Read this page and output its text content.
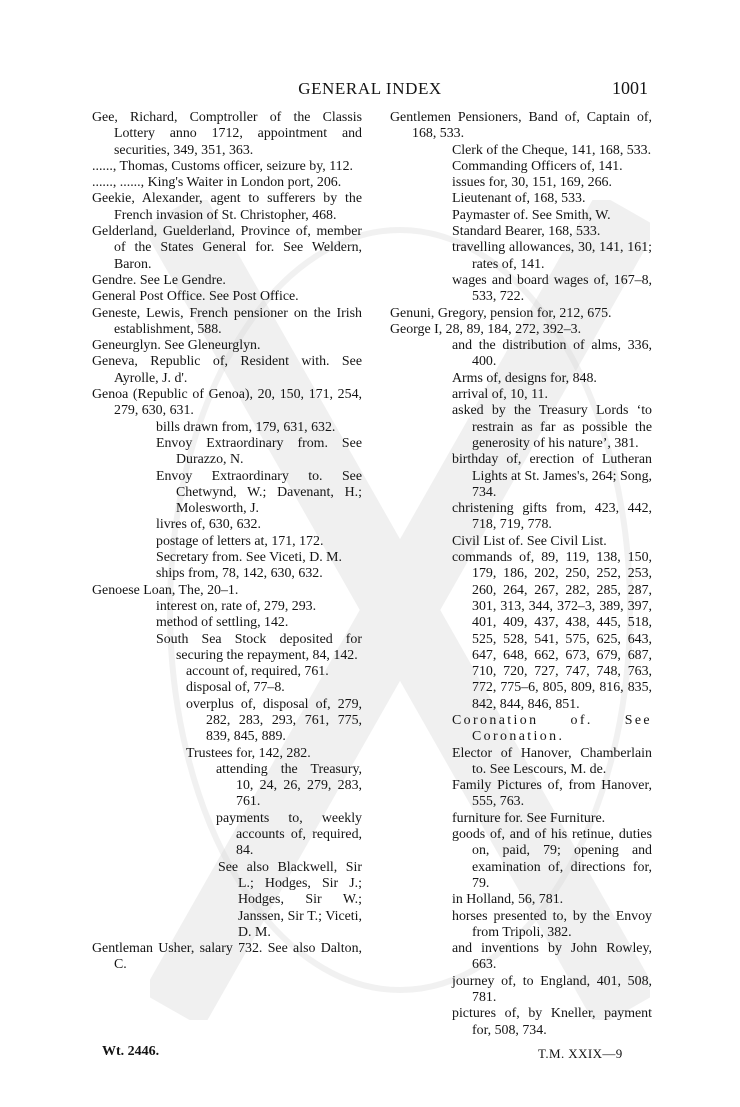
GENERAL INDEX	1001
Gee, Richard, Comptroller of the Classis Lottery anno 1712, appointment and securities, 349, 351, 363.
......, Thomas, Customs officer, seizure by, 112.
......, ......, King's Waiter in London port, 206.
Geekie, Alexander, agent to sufferers by the French invasion of St. Christopher, 468.
Gelderland, Guelderland, Province of, member of the States General for. See Weldern, Baron.
Gendre. See Le Gendre.
General Post Office. See Post Office.
Geneste, Lewis, French pensioner on the Irish establishment, 588.
Geneurglyn. See Gleneurglyn.
Geneva, Republic of, Resident with. See Ayrolle, J. d'.
Genoa (Republic of Genoa), 20, 150, 171, 254, 279, 630, 631.
bills drawn from, 179, 631, 632.
Envoy Extraordinary from. See Durazzo, N.
Envoy Extraordinary to. See Chetwynd, W.; Davenant, H.; Molesworth, J.
livres of, 630, 632.
postage of letters at, 171, 172.
Secretary from. See Viceti, D. M.
ships from, 78, 142, 630, 632.
Genoese Loan, The, 20–1.
interest on, rate of, 279, 293.
method of settling, 142.
South Sea Stock deposited for securing the repayment, 84, 142.
account of, required, 761.
disposal of, 77–8.
overplus of, disposal of, 279, 282, 283, 293, 761, 775, 839, 845, 889.
Trustees for, 142, 282.
attending the Treasury, 10, 24, 26, 279, 283, 761.
payments to, weekly accounts of, required, 84.
See also Blackwell, Sir L.; Hodges, Sir J.; Hodges, Sir W.; Janssen, Sir T.; Viceti, D. M.
Gentleman Usher, salary 732. See also Dalton, C.
Gentlemen Pensioners, Band of, Captain of, 168, 533.
Clerk of the Cheque, 141, 168, 533.
Commanding Officers of, 141.
issues for, 30, 151, 169, 266.
Lieutenant of, 168, 533.
Paymaster of. See Smith, W.
Standard Bearer, 168, 533.
travelling allowances, 30, 141, 161; rates of, 141.
wages and board wages of, 167–8, 533, 722.
Genuni, Gregory, pension for, 212, 675.
George I, 28, 89, 184, 272, 392–3.
and the distribution of alms, 336, 400.
Arms of, designs for, 848.
arrival of, 10, 11.
asked by the Treasury Lords ‘to restrain as far as possible the generosity of his nature’, 381.
birthday of, erection of Lutheran Lights at St. James's, 264; Song, 734.
christening gifts from, 423, 442, 718, 719, 778.
Civil List of. See Civil List.
commands of, 89, 119, 138, 150, 179, 186, 202, 250, 252, 253, 260, 264, 267, 282, 285, 287, 301, 313, 344, 372–3, 389, 397, 401, 409, 437, 438, 445, 518, 525, 528, 541, 575, 625, 643, 647, 648, 662, 673, 679, 687, 710, 720, 727, 747, 748, 763, 772, 775–6, 805, 809, 816, 835, 842, 844, 846, 851.
Coronation of. See Coronation.
Elector of Hanover, Chamberlain to. See Lescours, M. de.
Family Pictures of, from Hanover, 555, 763.
furniture for. See Furniture.
goods of, and of his retinue, duties on, paid, 79; opening and examination of, directions for, 79.
in Holland, 56, 781.
horses presented to, by the Envoy from Tripoli, 382.
and inventions by John Rowley, 663.
journey of, to England, 401, 508, 781.
pictures of, by Kneller, payment for, 508, 734.
Wt. 2446.	T.M. XXIX—9
